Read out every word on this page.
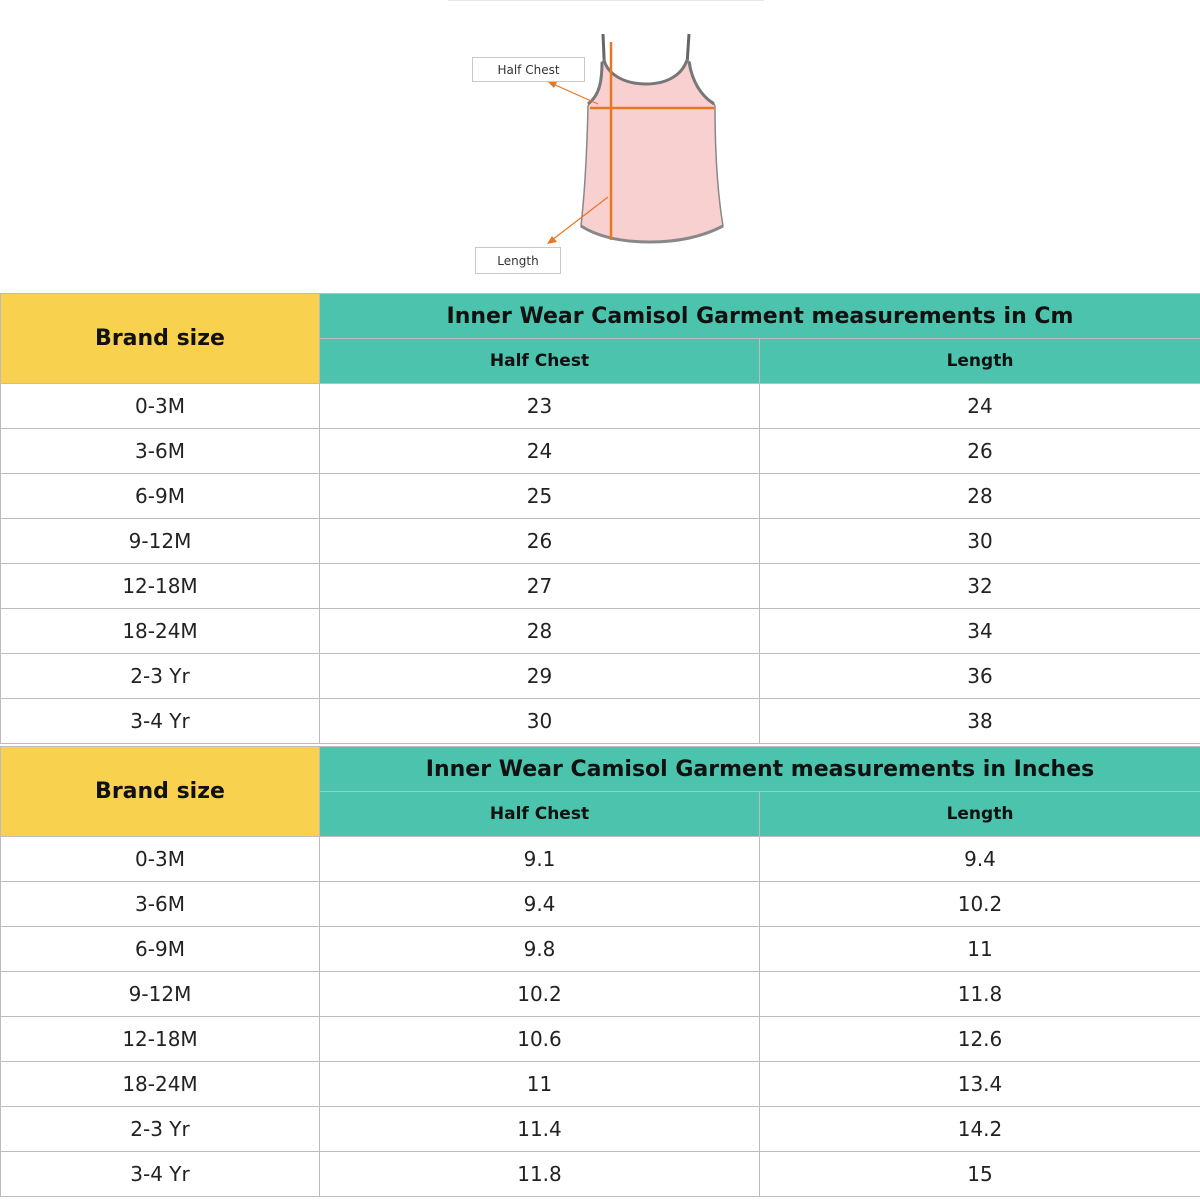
Half Chest
Length
Brand size	Inner Wear Camisol Garment measurements in Cm	
	Half Chest	Length
0-3M	23	24
3-6M	24	26
6-9M	25	28
9-12M	26	30
12-18M	27	32
18-24M	28	34
2-3 Yr	29	36
3-4 Yr	30	38
Brand size	Inner Wear Camisol Garment measurements in Inches	
	Half Chest	Length
0-3M	9.1	9.4
3-6M	9.4	10.2
6-9M	9.8	11
9-12M	10.2	11.8
12-18M	10.6	12.6
18-24M	11	13.4
2-3 Yr	11.4	14.2
3-4 Yr	11.8	15
